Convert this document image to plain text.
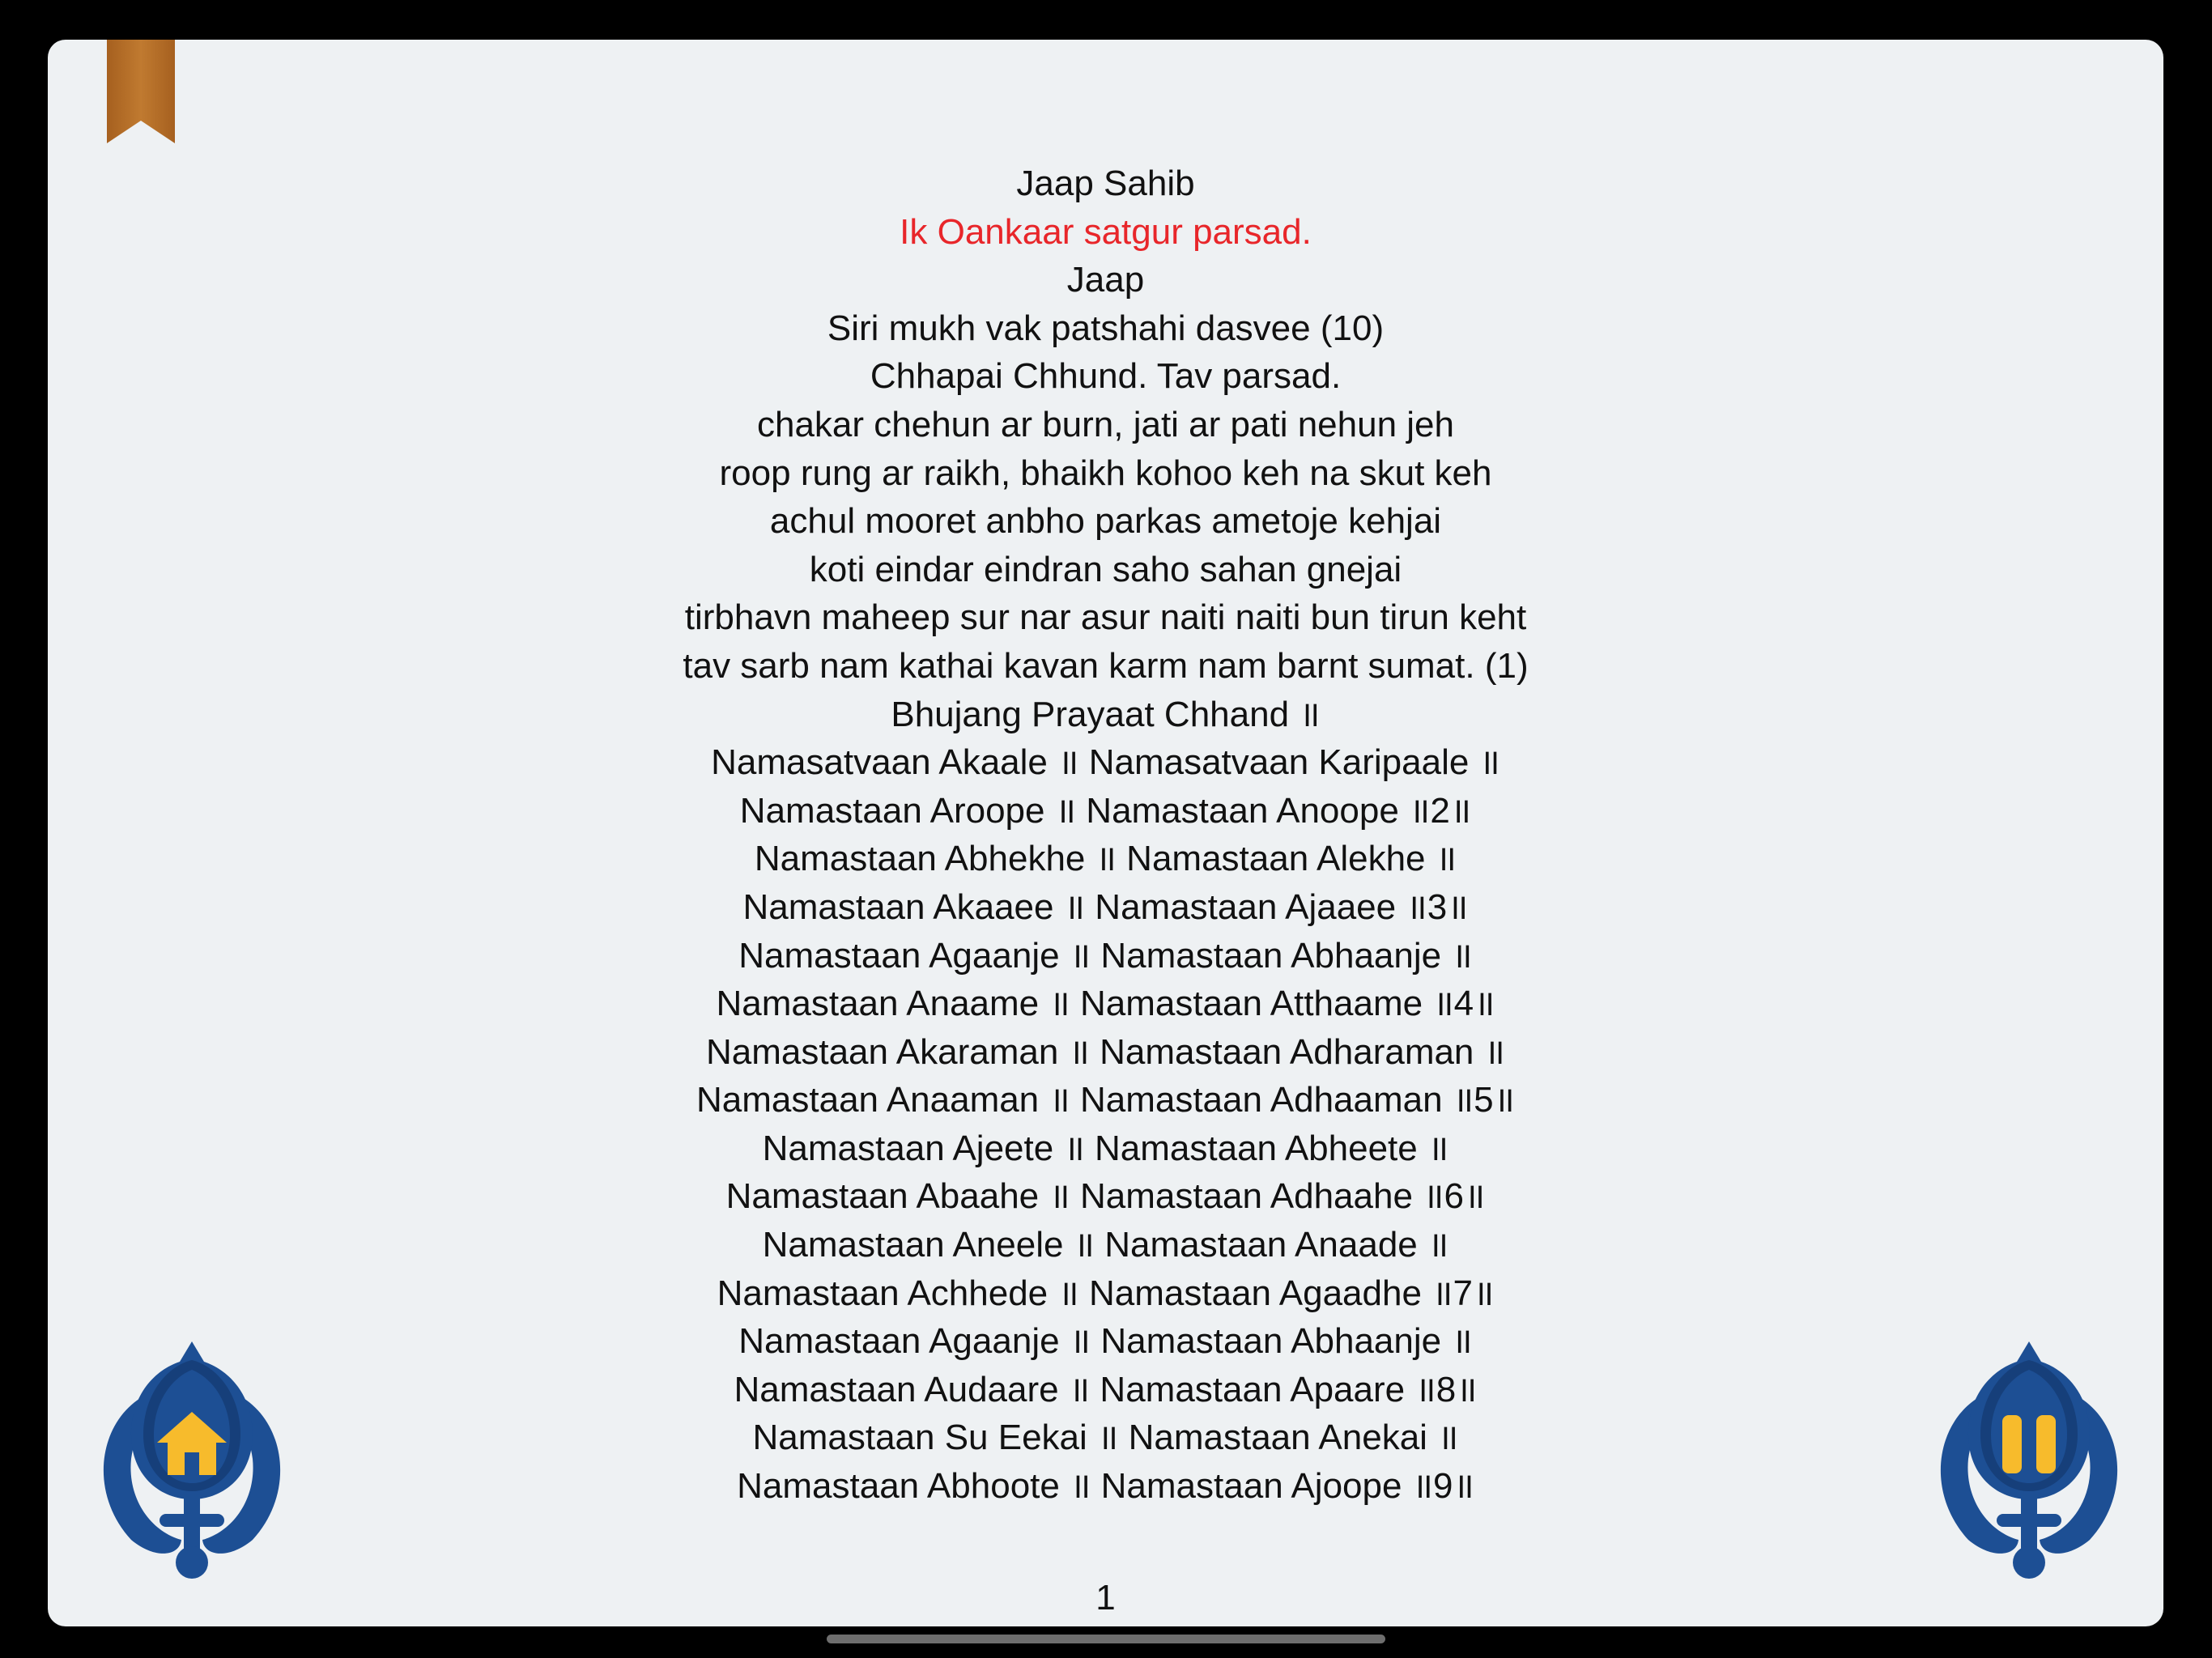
Jaap Sahib
Ik Oankaar satgur parsad.
Jaap
Siri mukh vak patshahi dasvee (10)
Chhapai Chhund. Tav parsad.
chakar chehun ar burn, jati ar pati nehun jeh
roop rung ar raikh, bhaikh kohoo keh na skut keh
achul mooret anbho parkas ametoje kehjai
koti eindar eindran saho sahan gnejai
tirbhavn maheep sur nar asur naiti naiti bun tirun keht
tav sarb nam kathai kavan karm nam barnt sumat. (1)
Bhujang Prayaat Chhand ॥
Namasatvaan Akaale ॥ Namasatvaan Karipaale ॥
Namastaan Aroope ॥ Namastaan Anoope ॥2॥
Namastaan Abhekhe ॥ Namastaan Alekhe ॥
Namastaan Akaaee ॥ Namastaan Ajaaee ॥3॥
Namastaan Agaanje ॥ Namastaan Abhaanje ॥
Namastaan Anaame ॥ Namastaan Atthaame ॥4॥
Namastaan Akaraman ॥ Namastaan Adharaman ॥
Namastaan Anaaman ॥ Namastaan Adhaaman ॥5॥
Namastaan Ajeete ॥ Namastaan Abheete ॥
Namastaan Abaahe ॥ Namastaan Adhaahe ॥6॥
Namastaan Aneele ॥ Namastaan Anaade ॥
Namastaan Achhede ॥ Namastaan Agaadhe ॥7॥
Namastaan Agaanje ॥ Namastaan Abhaanje ॥
Namastaan Audaare ॥ Namastaan Apaare ॥8॥
Namastaan Su Eekai ॥ Namastaan Anekai ॥
Namastaan Abhoote ॥ Namastaan Ajoope ॥9॥
1
